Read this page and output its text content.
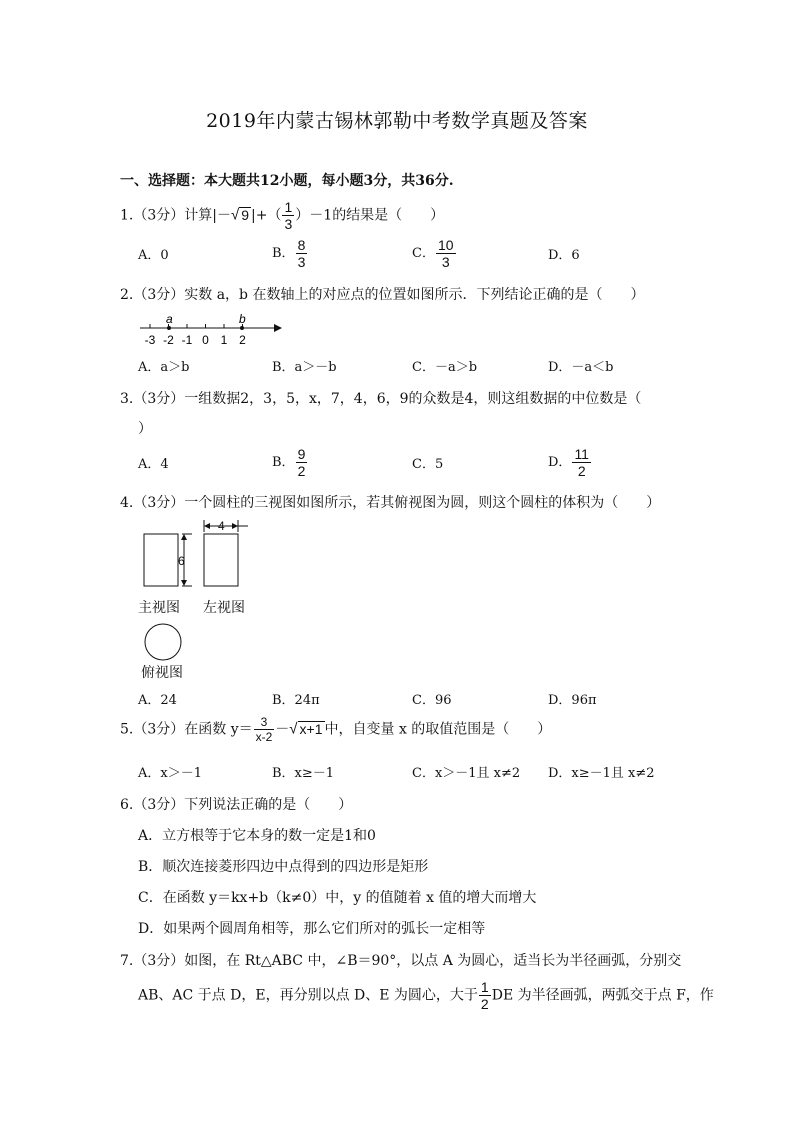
2019年内蒙古锡林郭勒中考数学真题及答案
一、选择题：本大题共12小题，每小题3分，共36分.
1.（3分）计算|－√ 9 |+（ $\frac{1}{3} )-1$的结果是（　　）
A．0	B． $\frac{8}{3}$	C． $\frac{10}{3}$	D．6
2.（3分）实数 a，b 在数轴上的对应点的位置如图所示．下列结论正确的是（　　）
-3 -2 -1 0 1 2
a	b
A．a＞b	B．a＞－b	C．－a＞b	D．－a＜b
3.（3分）一组数据2，3，5，x，7，4，6，9的众数是4，则这组数据的中位数是（
）
A．4	B． $\frac{9}{2}$	C．5	D． $\frac{11}{2}$
4.（3分）一个圆柱的三视图如图所示，若其俯视图为圆，则这个圆柱的体积为（　　）
6
4
主视图 左视图
俯视图
A．24	B．24π	C．96	D．96π
5.（3分）在函数 $y= \frac{3}{x-2}$ －√ x+1 中，自变量 x 的取值范围是（　　）
A．x＞－1	B．x≥－1	C．x＞－1且 x≠2 D．x≥－1且 x≠2
6.（3分）下列说法正确的是（　　）
A．立方根等于它本身的数一定是1和0
B．顺次连接菱形四边中点得到的四边形是矩形
C．在函数 y＝kx+b（k≠0）中，y 的值随着 x 值的增大而增大
D．如果两个圆周角相等，那么它们所对的弧长一定相等
7.（3分）如图，在 Rt△ABC 中，∠B＝90°，以点 A 为圆心，适当长为半径画弧，分别交
AB、AC 于点 D，E，再分别以点 D、E 为圆心，大于 $\frac{1}{2}$ DE 为半径画弧，两弧交于点 F，作
